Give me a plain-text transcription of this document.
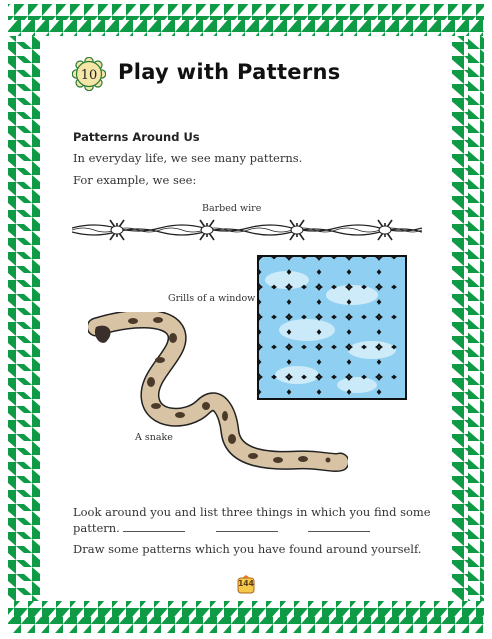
10 Play with Patterns
Patterns Around Us
In everyday life, we see many patterns.
For example, we see:
Barbed wire
Grills of a window
A snake
Look around you and list three things in which you find some
pattern.
Draw some patterns which you have found around yourself.
144
